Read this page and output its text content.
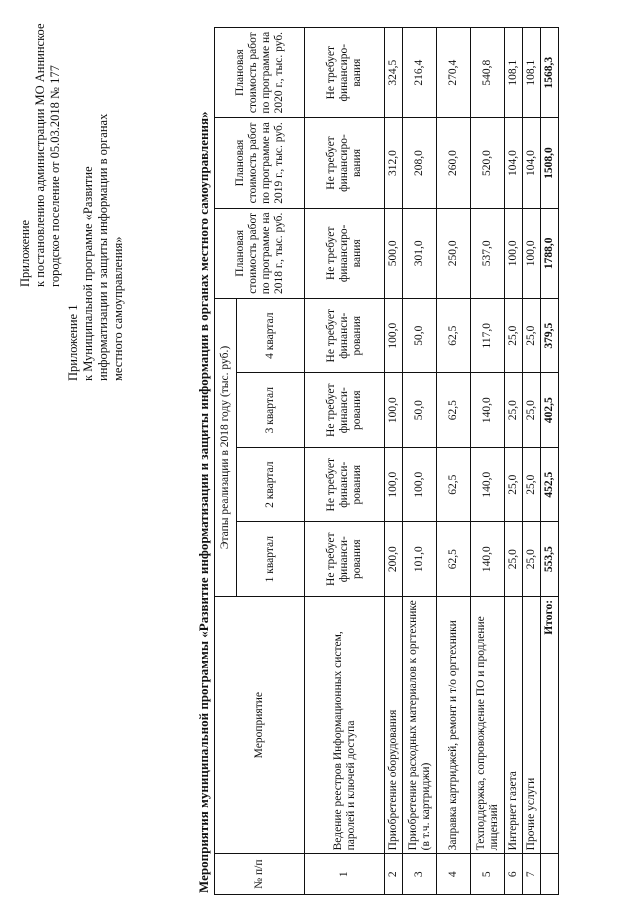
Приложение к постановлению администрации МО Аннинское городское поселение от 05.03.2018 № 177
Приложение 1 к Муниципальной программе «Развитие информатизации и защиты информации в органах местного самоуправления»	Мероприятия муниципальной программы «Развитие информатизации и защиты информации в органах местного самоуправления»	№ п/п	Мероприятие	Этапы реализации в 2018 году (тыс. руб.)				Плановая стоимость работ по программе на 2018 г., тыс. руб.	Плановая стоимость работ по программе на 2019 г., тыс. руб.	Плановая стоимость работ по программе на 2020 г., тыс. руб.
		1 квартал	2 квартал	3 квартал	4 квартал			
1	Ведение реестров Информационных систем, паролей и ключей доступа	Не требует финанси-рования	Не требует финанси-рования	Не требует финанси-рования	Не требует финанси-рования	Не требует финансиро-вания	Не требует финансиро-вания	Не требует финансиро-вания
2	Приобретение оборудования	200,0	100,0	100,0	100,0	500,0	312,0	324,5
3	Приобретение расходных материалов к оргтехнике (в т.ч. картриджи)	101,0	100,0	50,0	50,0	301,0	208,0	216,4
4	Заправка картриджей, ремонт и т/о оргтехники	62,5	62,5	62,5	62,5	250,0	260,0	270,4
5	Техподдержка, сопровождение ПО и продление лицензий	140,0	140,0	140,0	117,0	537,0	520,0	540,8
6	Интернет газета	25,0	25,0	25,0	25,0	100,0	104,0	108,1
7	Прочие услуги	25,0	25,0	25,0	25,0	100,0	104,0	108,1
	Итого:	553,5	452,5	402,5	379,5	1788,0	1508,0	1568,3
